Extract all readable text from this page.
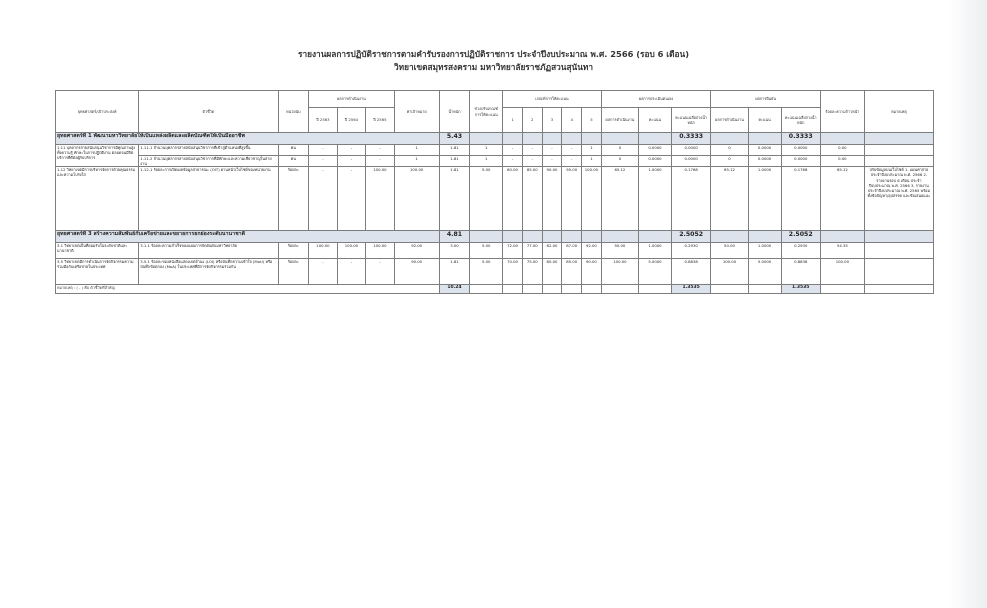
รายงานผลการปฏิบัติราชการตามคำรับรองการปฏิบัติราชการ ประจำปีงบประมาณ พ.ศ. 2566 (รอบ 6 เดือน)
วิทยาเขตสมุทรสงคราม มหาวิทยาลัยราชภัฏสวนสุนันทา
ยุทธศาสตร์/เป้าประสงค์	ตัวชี้วัด	หน่วยนับ	ผลการดำเนินงาน			ค่าเป้าหมาย	น้ำหนัก	ช่วงปรับเกณฑ์การให้คะแนน	เกณฑ์การให้คะแนน					ผลการประเมินตนเอง			ผลการยืนยัน			ร้อยละความก้าวหน้า	หมายเหตุ
			ปี 2563	ปี 2564	ปี 2565				1	2	3	4	5	ผลการดำเนินงาน	คะแนน	คะแนนเฉลี่ยถ่วงน้ำหนัก	ผลการดำเนินงาน	คะแนน	คะแนนเฉลี่ยถ่วงน้ำหนัก		
ยุทธศาสตร์ที่ 1 พัฒนามหาวิทยาลัยให้เป็นแหล่งผลิตและผลิตบัณฑิตให้เป็นมืออาชีพ							5.43									0.3333			0.3333		
1.11 บุคลากรสายสนับสนุนวิชาการมีคุณภาพสูงทั้งความรู้ ทักษะในการปฏิบัติงาน ตลอดจนมีจิตบริการที่ดีต่อผู้รับบริการ	1.11.1 จำนวนบุคลากรสายสนับสนุนวิชาการที่เข้าสู่ตำแหน่งที่สูงขึ้น	คน	-	-	-	1	1.81	1	-	-	-	-	1	0	0.0000	0.0000	0	0.0000	0.0000	0.00	
	1.11.2 จำนวนบุคลากรสายสนับสนุนวิชาการที่มีทักษะและความเชี่ยวชาญในสายงาน	คน	-	-	-	1	1.81	1	-	-	-	-	1	0	0.0000	0.0000	0	0.0000	0.0000	0.00	
1.12 วิทยาเขตมีการบริหารจัดการด้วยคุณธรรมและความโปร่งใส	1.12.1 ร้อยละการเปิดเผยข้อมูลสาธารณะ (OIT) ผ่านหน้าเว็บไซต์ของหน่วยงาน	ร้อยละ	-	-	100.00	100.00	1.81	5.00	80.00	85.00	90.00	95.00	100.00	65.12	1.0000	0.1768	65.12	1.0000	0.1768	65.12	ปรับข้อมูลบนเว็บไซต์ 1. แผนค่าจ่าย ประจำปีงบประมาณ พ.ศ. 2566 2. รายงานรอบ 6 เดือน ประจำปีงบประมาณ พ.ศ. 2566 3. รายงานประจำปีงบประมาณ พ.ศ. 2565 พร้อมทั้งข้อปัญหา/อุปสรรค และข้อเสนอแนะ
ยุทธศาสตร์ที่ 3 สร้างความสัมพันธ์กับเครือข่ายและขยายการยกย่องระดับนานาชาติ							4.81									2.5052			2.5052		
3.1 วิทยาเขตเป็นที่ยอมรับในระดับชาติและนานาชาติ	3.1.1 ร้อยละความสำเร็จของแผนการจัดอันดับมหาวิทยาลัย	ร้อยละ	100.00	100.00	100.00	92.00	3.00	5.00	72.00	77.00	82.00	87.00	92.00	50.00	1.0000	0.2930	50.00	1.0000	0.2930	54.35	
3.5 วิทยาเขตมีการดำเนินการจัดกิจกรรมความร่วมมือกับเครือข่ายในประเทศ	3.5.1 ร้อยละของหนังสือแสดงเจตจำนง (LOI) หรือบันทึกความเข้าใจ (MoU) หรือบันทึกข้อตกลง (MoA) ในประเทศที่มีการจัดกิจกรรมร่วมกัน	ร้อยละ	-	-	-	90.00	1.81	5.00	70.00	75.00	80.00	85.00	90.00	100.00	5.0000	0.8838	100.00	5.0000	0.8838	100.00	
หมายเหตุ : ( - ) คือ ตัวชี้วัดที่สำคัญ							10.24									1.3535			1.3535		
